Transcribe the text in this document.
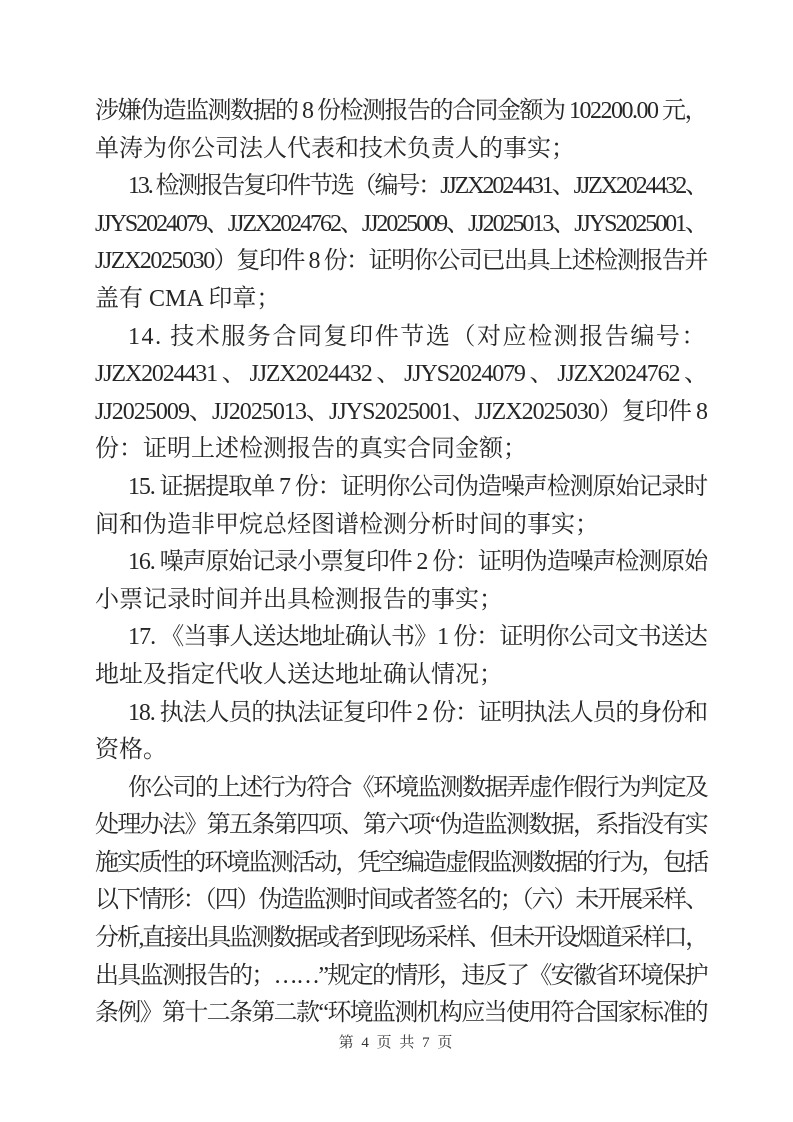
涉嫌伪造监测数据的 8 份检测报告的合同金额为 102200.00 元，
单涛为你公司法人代表和技术负责人的事实；
13. 检测报告复印件节选（编号：JJZX2024431、JJZX2024432、
JJYS2024079、JJZX2024762、JJ2025009、JJ2025013、JJYS2025001、
JJZX2025030）复印件 8 份：证明你公司已出具上述检测报告并
盖有 CMA 印章；
14. 技术服务合同复印件节选（对应检测报告编号：
JJZX2024431 、 JJZX2024432 、 JJYS2024079 、 JJZX2024762 、
JJ2025009、JJ2025013、JJYS2025001、JJZX2025030）复印件 8
份：证明上述检测报告的真实合同金额；
15. 证据提取单 7 份：证明你公司伪造噪声检测原始记录时
间和伪造非甲烷总烃图谱检测分析时间的事实；
16. 噪声原始记录小票复印件 2 份：证明伪造噪声检测原始
小票记录时间并出具检测报告的事实；
17. 《当事人送达地址确认书》1 份：证明你公司文书送达
地址及指定代收人送达地址确认情况；
18. 执法人员的执法证复印件 2 份：证明执法人员的身份和
资格。
你公司的上述行为符合《环境监测数据弄虚作假行为判定及
处理办法》第五条第四项、第六项“伪造监测数据，系指没有实
施实质性的环境监测活动，凭空编造虚假监测数据的行为，包括
以下情形：（四）伪造监测时间或者签名的；（六）未开展采样、
分析,直接出具监测数据或者到现场采样、但未开设烟道采样口，
出具监测报告的；……”规定的情形，违反了《安徽省环境保护
条例》第十二条第二款“环境监测机构应当使用符合国家标准的
第 4 页 共 7 页
